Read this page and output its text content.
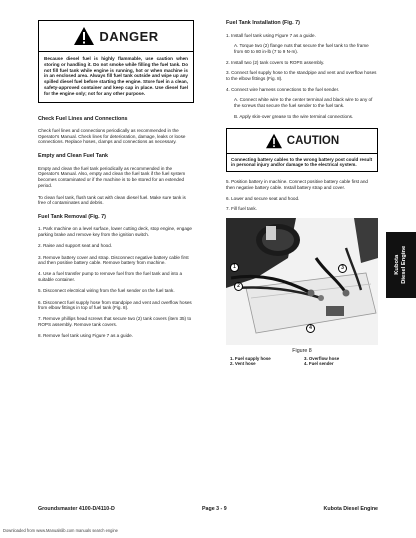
DANGER
Because diesel fuel is highly flammable, use caution when storing or handling it. Do not smoke while filling the fuel tank. Do not fill fuel tank while engine is running, hot or when machine is in an enclosed area. Always fill fuel tank outside and wipe up any spilled diesel fuel before starting the engine. Store fuel in a clean, safety-approved container and keep cap in place. Use diesel fuel for the engine only; not for any other purpose.

Check Fuel Lines and Connections

Check fuel lines and connections periodically as recommended in the Operator's Manual. Check lines for deterioration, damage, leaks or loose connections. Replace hoses, clamps and connections as necessary.

Empty and Clean Fuel Tank

Empty and clean the fuel tank periodically as recommended in the Operator's Manual. Also, empty and clean the fuel tank if the fuel system becomes contaminated or if the machine is to be stored for an extended period.

To clean fuel tank, flush tank out with clean diesel fuel. Make sure tank is free of contaminates and debris.

Fuel Tank Removal (Fig. 7)

1. Park machine on a level surface, lower cutting deck, stop engine, engage parking brake and remove key from the ignition switch.

2. Raise and support seat and hood.

3. Remove battery cover and strap. Disconnect negative battery cable first and then positive battery cable. Remove battery from machine.

4. Use a fuel transfer pump to remove fuel from the fuel tank and into a suitable container.

5. Disconnect electrical wiring from the fuel sender on the fuel tank.

6. Disconnect fuel supply hose from standpipe and vent and overflow hoses from elbow fittings in top of fuel tank (Fig. 8).

7. Remove phillips head screws that secure two (2) tank covers (item 35) to ROPS assembly. Remove tank covers.

8. Remove fuel tank using Figure 7 as a guide.

Fuel Tank Installation (Fig. 7)

1. Install fuel tank using Figure 7 as a guide.

A. Torque two (2) flange nuts that secure the fuel tank to the frame from 60 to 80 in-lb (7 to 9 N-m).

2. Install two (2) tank covers to ROPS assembly.

3. Connect fuel supply hose to the standpipe and vent and overflow hoses to the elbow fittings (Fig. 8).

4. Connect wire harness connections to the fuel sender.

A. Connect white wire to the center terminal and black wire to any of the screws that secure the fuel sender to the fuel tank.

B. Apply skin-over grease to the wire terminal connections.

CAUTION
Connecting battery cables to the wrong battery post could result in personal injury and/or damage to the electrical system.

5. Position battery in machine. Connect positive battery cable first and then negative battery cable. Install battery strap and cover.

6. Lower and secure seat and hood.

7. Fill fuel tank.

1
2
3
4

Figure 8

1. Fuel supply hose
2. Vent hose
3. Overflow hose
4. Fuel sender
Kubota
Diesel Engine
Groundsmaster 4100-D/4110-D	Page 3 - 9	Kubota Diesel Engine
Downloaded from www.Manualslib.com manuals search engine
